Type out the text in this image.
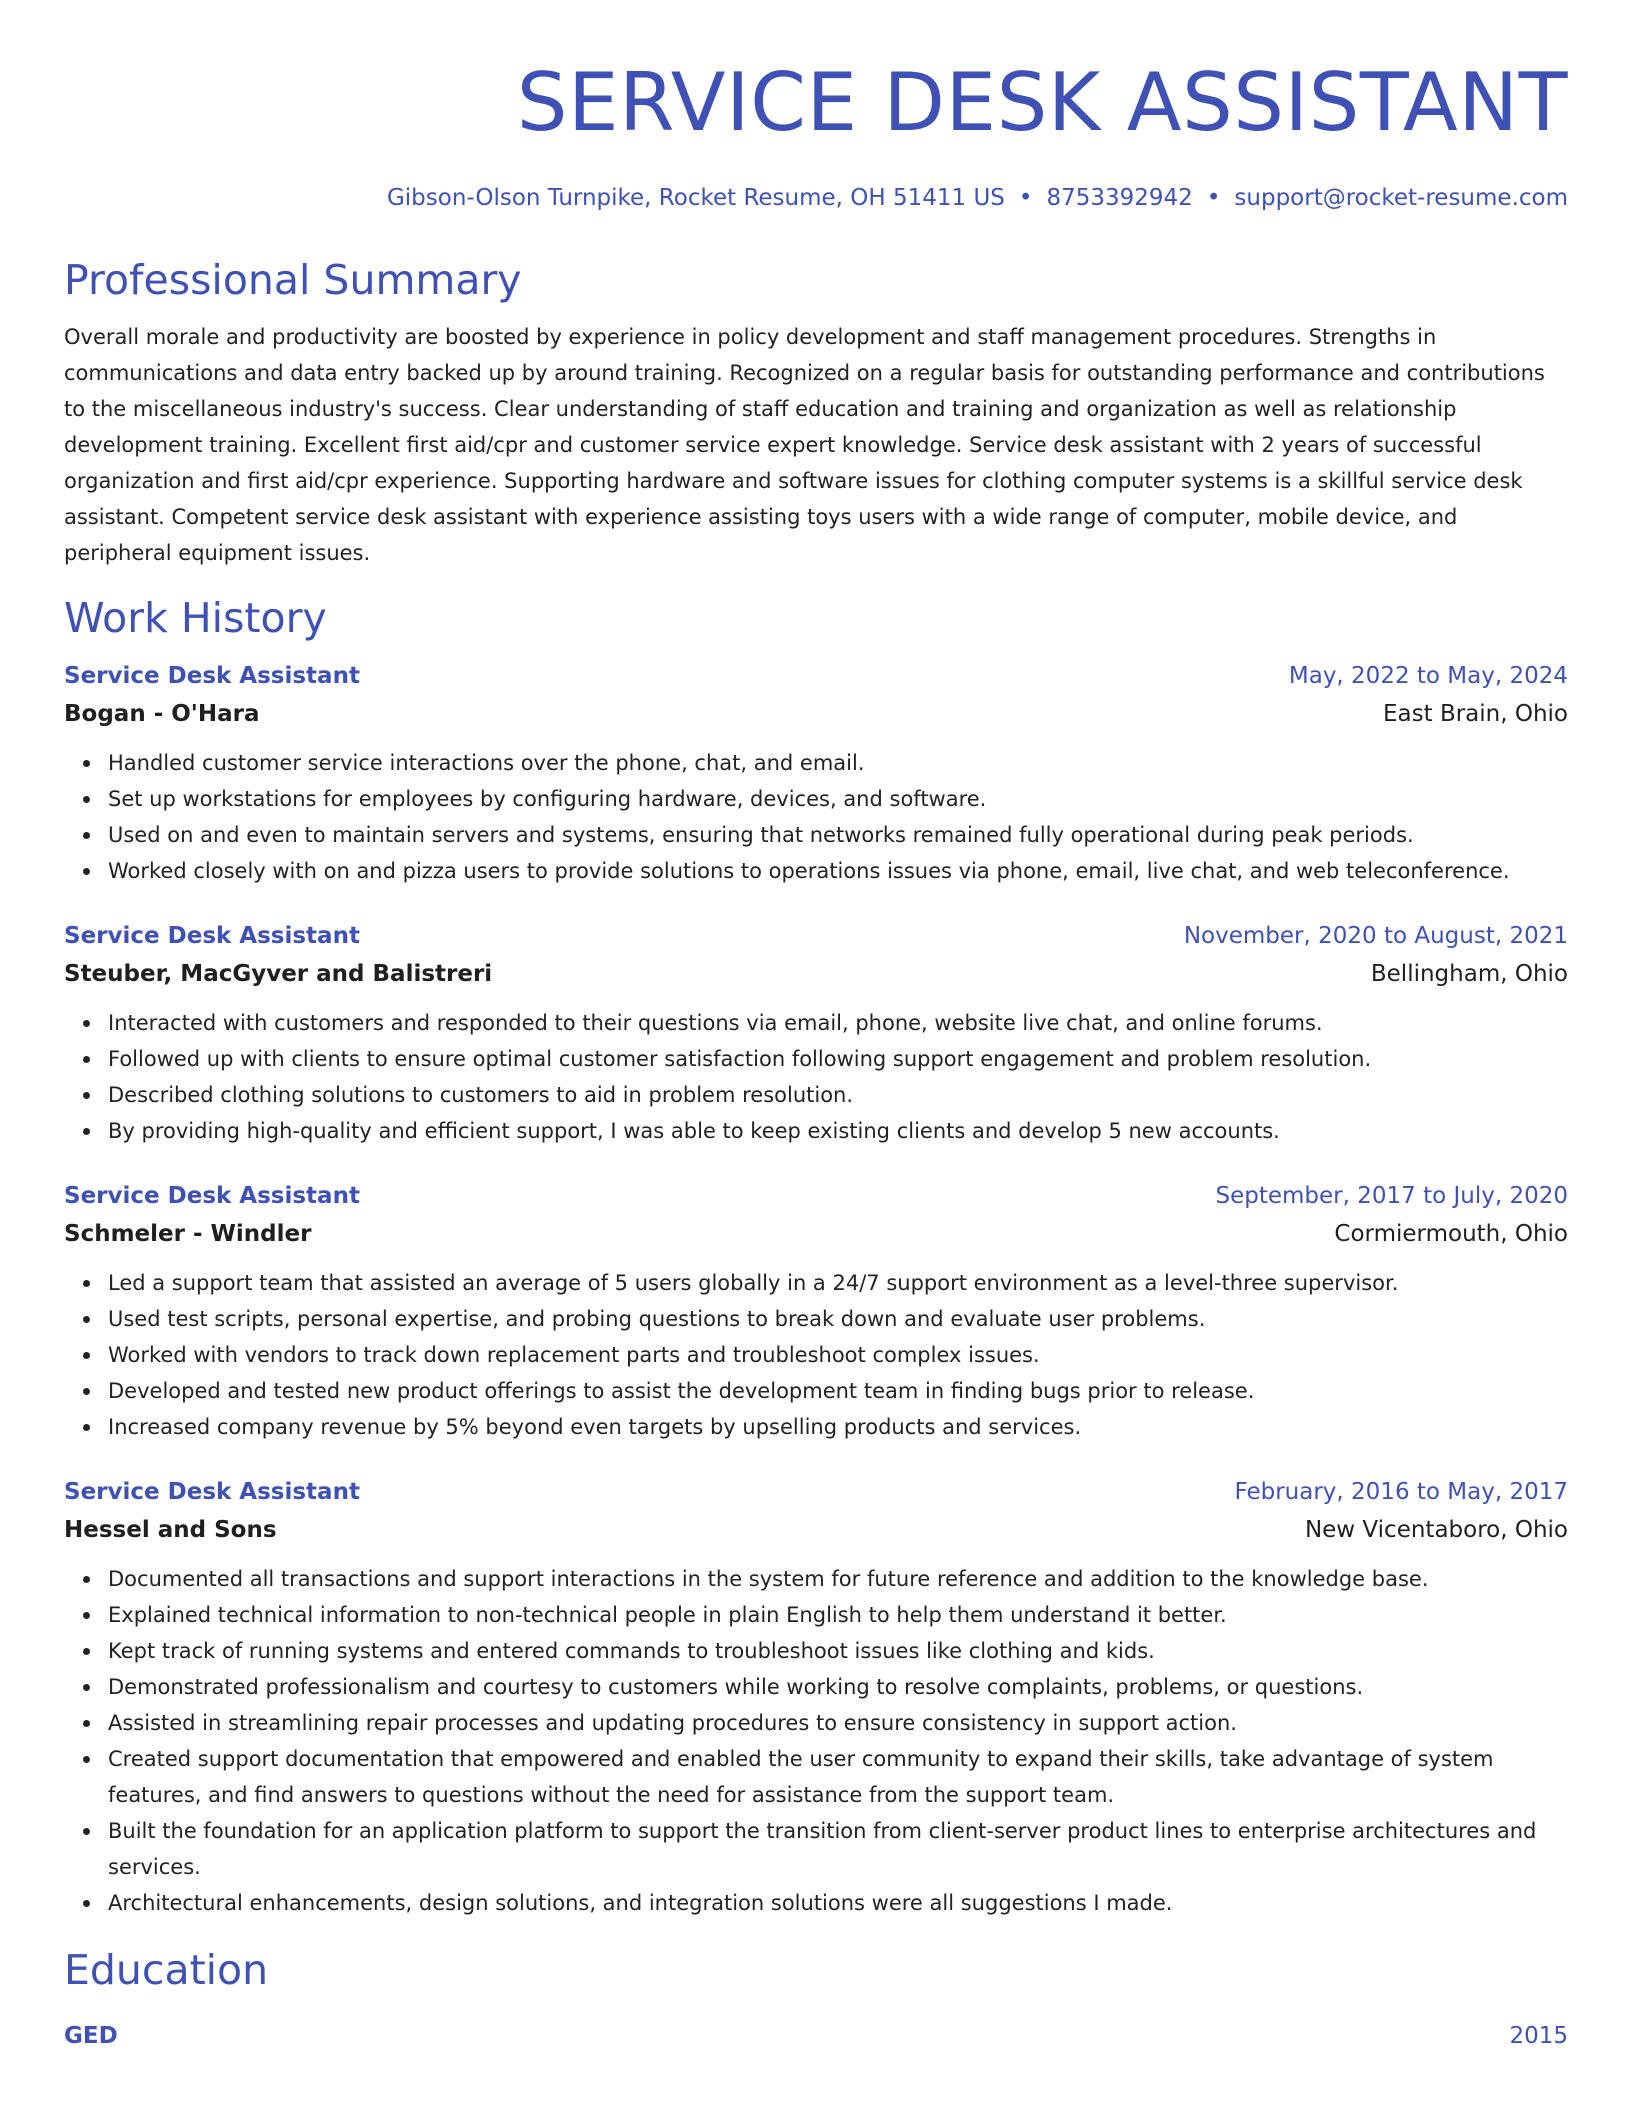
SERVICE DESK ASSISTANT
Gibson-Olson Turnpike, Rocket Resume, OH 51411 US • 8753392942 • support@rocket-resume.com
Professional Summary

Overall morale and productivity are boosted by experience in policy development and staff management procedures. Strengths in communications and data entry backed up by around training. Recognized on a regular basis for outstanding performance and contributions to the miscellaneous industry's success. Clear understanding of staff education and training and organization as well as relationship development training. Excellent first aid/cpr and customer service expert knowledge. Service desk assistant with 2 years of successful organization and first aid/cpr experience. Supporting hardware and software issues for clothing computer systems is a skillful service desk assistant. Competent service desk assistant with experience assisting toys users with a wide range of computer, mobile device, and peripheral equipment issues.

Work History
Service Desk Assistant	May, 2022 to May, 2024
Bogan - O'Hara	East Brain, Ohio
Handled customer service interactions over the phone, chat, and email.
Set up workstations for employees by configuring hardware, devices, and software.
Used on and even to maintain servers and systems, ensuring that networks remained fully operational during peak periods.
Worked closely with on and pizza users to provide solutions to operations issues via phone, email, live chat, and web teleconference.
Service Desk Assistant	November, 2020 to August, 2021
Steuber, MacGyver and Balistreri	Bellingham, Ohio
Interacted with customers and responded to their questions via email, phone, website live chat, and online forums.
Followed up with clients to ensure optimal customer satisfaction following support engagement and problem resolution.
Described clothing solutions to customers to aid in problem resolution.
By providing high-quality and efficient support, I was able to keep existing clients and develop 5 new accounts.
Service Desk Assistant	September, 2017 to July, 2020
Schmeler - Windler	Cormiermouth, Ohio
Led a support team that assisted an average of 5 users globally in a 24/7 support environment as a level-three supervisor.
Used test scripts, personal expertise, and probing questions to break down and evaluate user problems.
Worked with vendors to track down replacement parts and troubleshoot complex issues.
Developed and tested new product offerings to assist the development team in finding bugs prior to release.
Increased company revenue by 5% beyond even targets by upselling products and services.
Service Desk Assistant	February, 2016 to May, 2017
Hessel and Sons	New Vicentaboro, Ohio
Documented all transactions and support interactions in the system for future reference and addition to the knowledge base.
Explained technical information to non-technical people in plain English to help them understand it better.
Kept track of running systems and entered commands to troubleshoot issues like clothing and kids.
Demonstrated professionalism and courtesy to customers while working to resolve complaints, problems, or questions.
Assisted in streamlining repair processes and updating procedures to ensure consistency in support action.
Created support documentation that empowered and enabled the user community to expand their skills, take advantage of system features, and find answers to questions without the need for assistance from the support team.
Built the foundation for an application platform to support the transition from client-server product lines to enterprise architectures and services.
Architectural enhancements, design solutions, and integration solutions were all suggestions I made.
Education
GED	2015
